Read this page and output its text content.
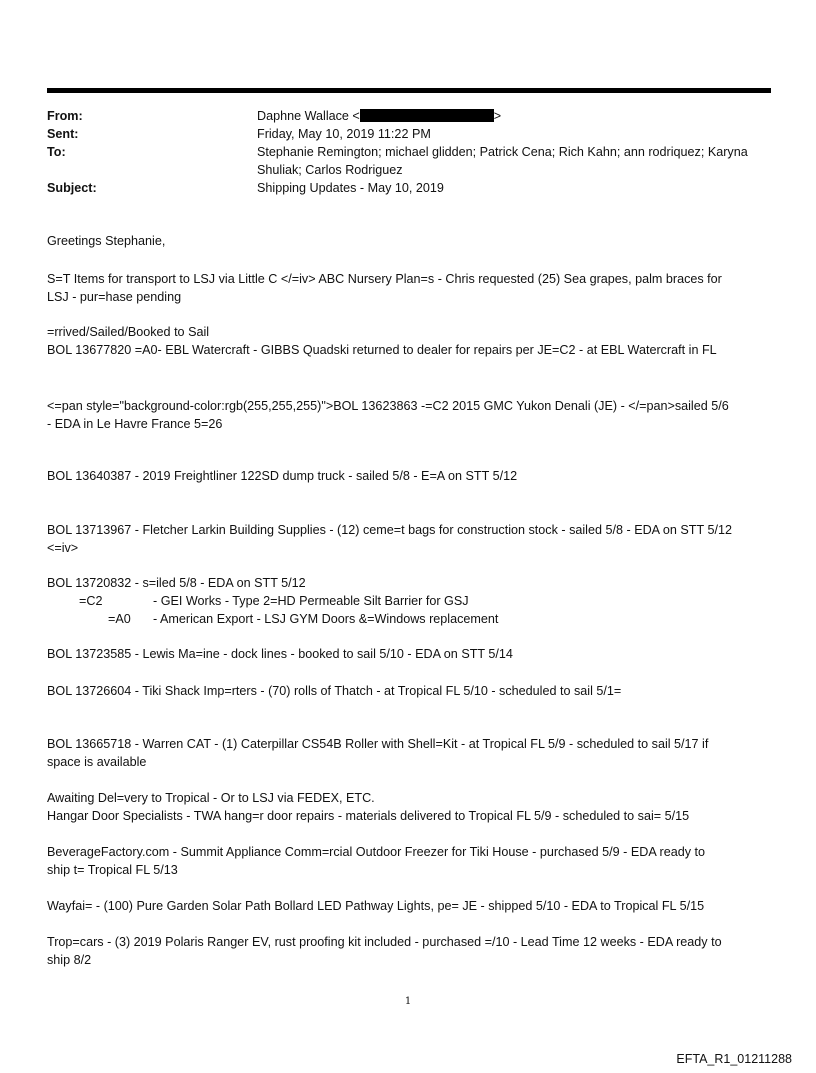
From:	Daphne Wallace <	>
Sent:	Friday, May 10, 2019 11:22 PM
To:	Stephanie Remington; michael glidden; Patrick Cena; Rich Kahn; ann rodriquez; Karyna
Shuliak; Carlos Rodriguez
Subject:	Shipping Updates - May 10, 2019
Greetings Stephanie,
S=T Items for transport to LSJ via Little C </=iv> ABC Nursery Plan=s - Chris requested (25) Sea grapes, palm braces for
LSJ - pur=hase pending
=rrived/Sailed/Booked to Sail
BOL 13677820 =A0- EBL Watercraft - GIBBS Quadski returned to dealer for repairs per JE=C2 - at EBL Watercraft in FL
<=pan style="background-color:rgb(255,255,255)">BOL 13623863 -=C2 2015 GMC Yukon Denali (JE) - </=pan>sailed 5/6
- EDA in Le Havre France 5=26
BOL 13640387 - 2019 Freightliner 122SD dump truck - sailed 5/8 - E=A on STT 5/12
BOL 13713967 - Fletcher Larkin Building Supplies - (12) ceme=t bags for construction stock - sailed 5/8 - EDA on STT 5/12
<=iv>
BOL 13720832 - s=iled 5/8 - EDA on STT 5/12
=C2	- GEI Works - Type 2=HD Permeable Silt Barrier for GSJ
=A0 - American Export - LSJ GYM Doors &=Windows replacement
BOL 13723585 - Lewis Ma=ine - dock lines - booked to sail 5/10 - EDA on STT 5/14
BOL 13726604 - Tiki Shack Imp=rters - (70) rolls of Thatch - at Tropical FL 5/10 - scheduled to sail 5/1=
BOL 13665718 - Warren CAT - (1) Caterpillar CS54B Roller with Shell=Kit - at Tropical FL 5/9 - scheduled to sail 5/17 if
space is available
Awaiting Del=very to Tropical - Or to LSJ via FEDEX, ETC.
Hangar Door Specialists - TWA hang=r door repairs - materials delivered to Tropical FL 5/9 - scheduled to sai= 5/15
BeverageFactory.com - Summit Appliance Comm=rcial Outdoor Freezer for Tiki House - purchased 5/9 - EDA ready to
ship t= Tropical FL 5/13
Wayfai= - (100) Pure Garden Solar Path Bollard LED Pathway Lights, pe= JE - shipped 5/10 - EDA to Tropical FL 5/15
Trop=cars - (3) 2019 Polaris Ranger EV, rust proofing kit included - purchased =/10 - Lead Time 12 weeks - EDA ready to
ship 8/2
1
EFTA_R1_01211288
